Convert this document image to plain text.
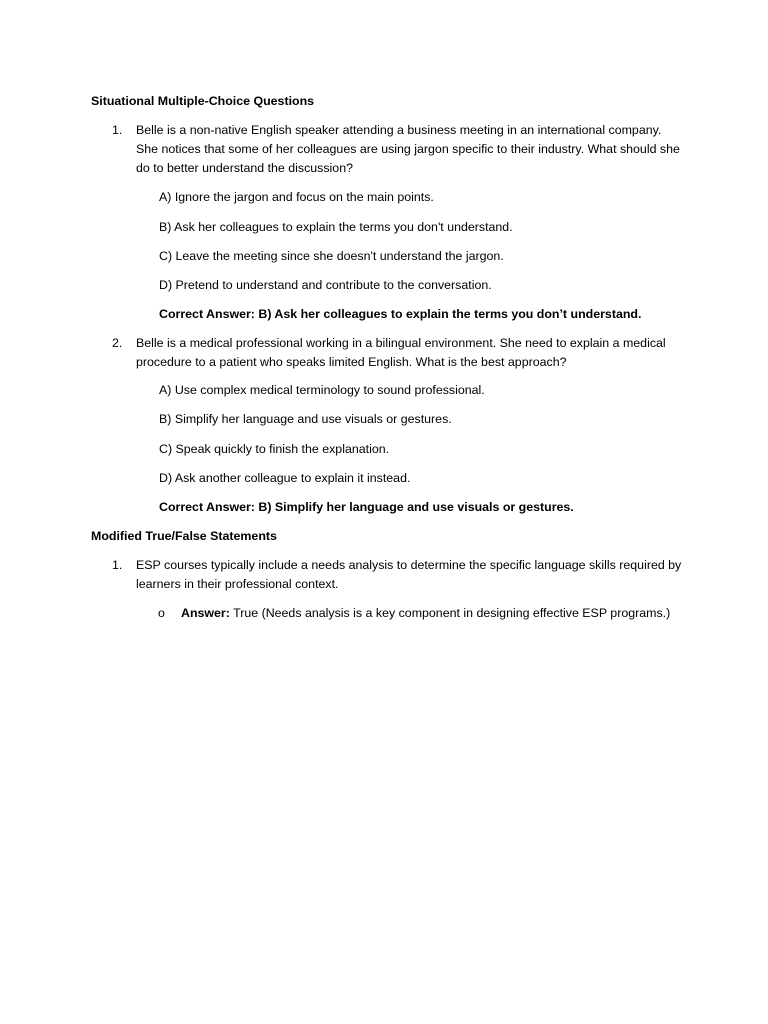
Situational Multiple-Choice Questions
1. Belle is a non-native English speaker attending a business meeting in an international company. She notices that some of her colleagues are using jargon specific to their industry. What should she do to better understand the discussion?
A) Ignore the jargon and focus on the main points.
B) Ask her colleagues to explain the terms you don't understand.
C) Leave the meeting since she doesn't understand the jargon.
D) Pretend to understand and contribute to the conversation.
Correct Answer: B) Ask her colleagues to explain the terms you don’t understand.
2. Belle is a medical professional working in a bilingual environment. She need to explain a medical procedure to a patient who speaks limited English. What is the best approach?
A) Use complex medical terminology to sound professional.
B) Simplify her language and use visuals or gestures.
C) Speak quickly to finish the explanation.
D) Ask another colleague to explain it instead.
Correct Answer: B) Simplify her language and use visuals or gestures.
Modified True/False Statements
1. ESP courses typically include a needs analysis to determine the specific language skills required by learners in their professional context.
o Answer: True (Needs analysis is a key component in designing effective ESP programs.)
